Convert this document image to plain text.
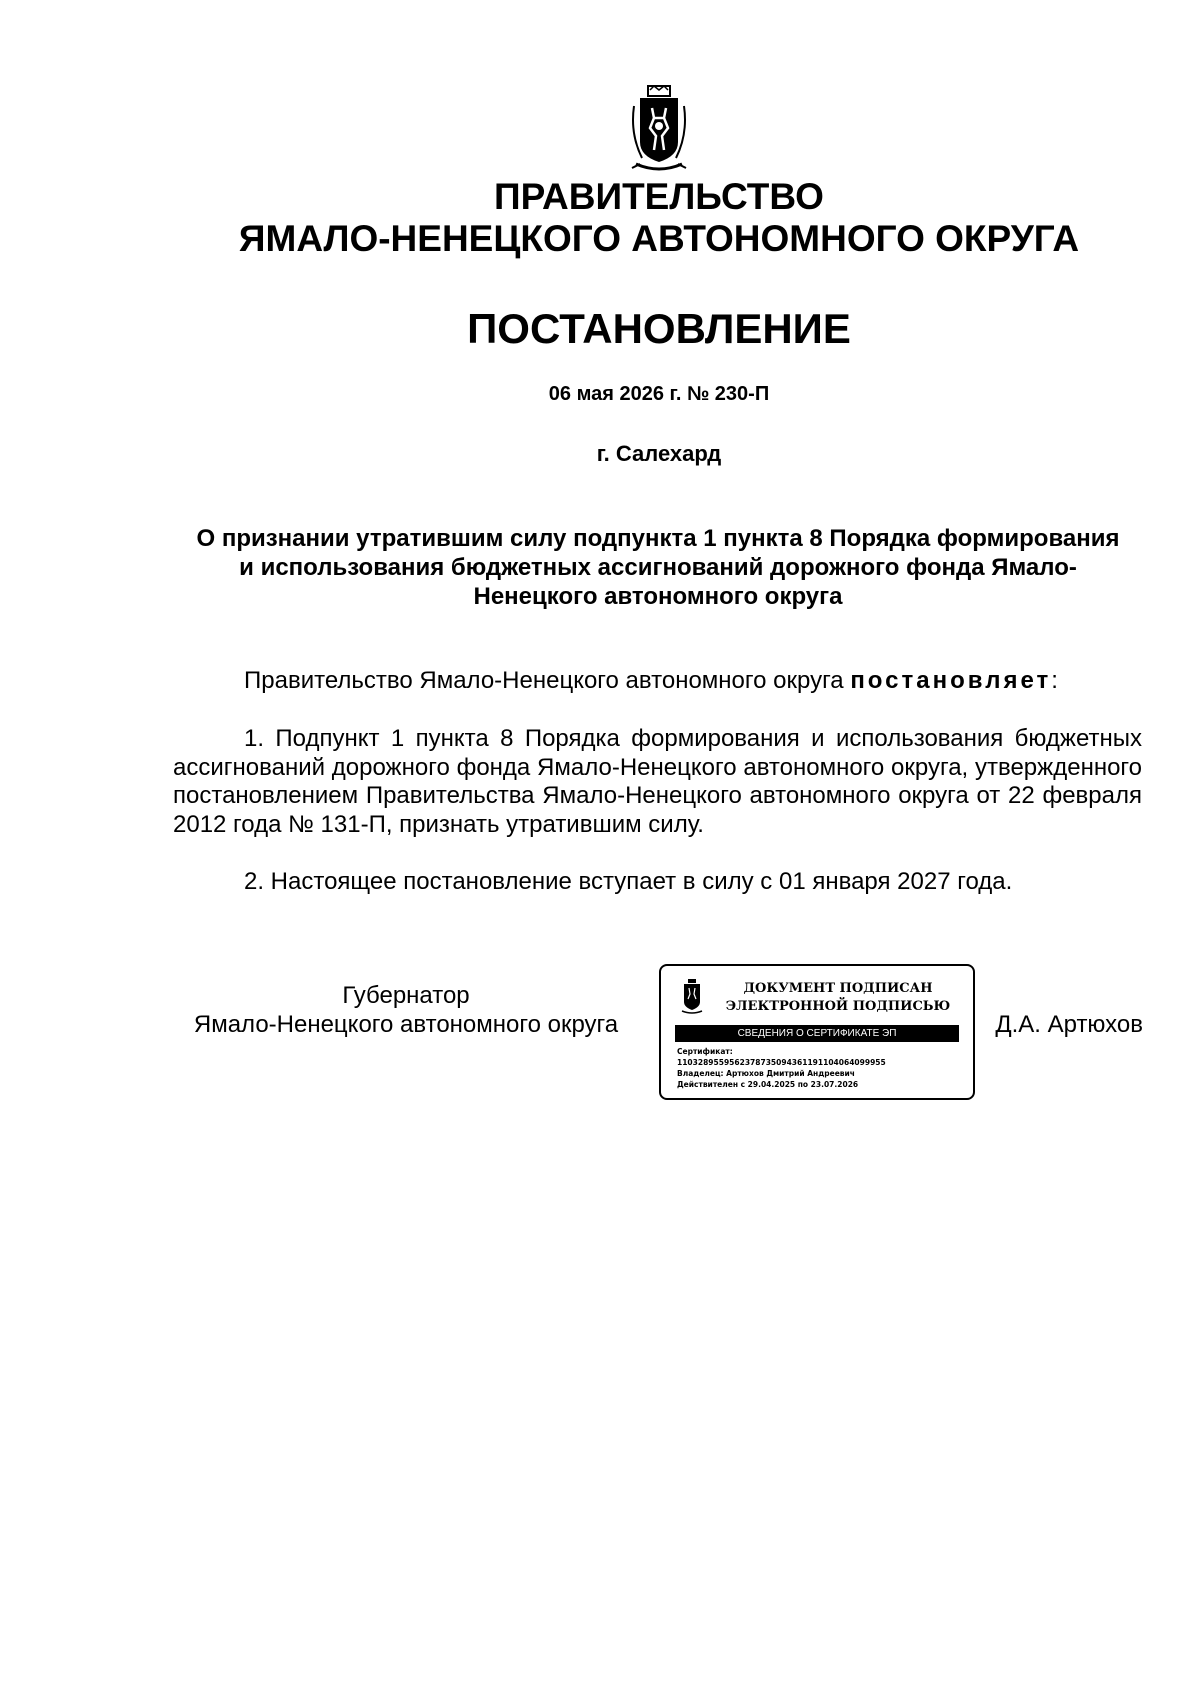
ПРАВИТЕЛЬСТВО
ЯМАЛО-НЕНЕЦКОГО АВТОНОМНОГО ОКРУГА
ПОСТАНОВЛЕНИЕ
06 мая 2026 г. № 230-П
г. Салехард
О признании утратившим силу подпункта 1 пункта 8 Порядка формирования и использования бюджетных ассигнований дорожного фонда Ямало-Ненецкого автономного округа
Правительство Ямало-Ненецкого автономного округа постановляет:
1. Подпункт 1 пункта 8 Порядка формирования и использования бюджетных ассигнований дорожного фонда Ямало-Ненецкого автономного округа, утвержденного постановлением Правительства Ямало-Ненецкого автономного округа от 22 февраля 2012 года № 131-П, признать утратившим силу.
2. Настоящее постановление вступает в силу с 01 января 2027 года.
Губернатор
Ямало-Ненецкого автономного округа
ДОКУМЕНТ ПОДПИСАН
ЭЛЕКТРОННОЙ ПОДПИСЬЮ
СВЕДЕНИЯ О СЕРТИФИКАТЕ ЭП
Сертификат:
1103289559562378735094361191104064099955
Владелец: Артюхов Дмитрий Андреевич
Действителен с 29.04.2025 по 23.07.2026
Д.А. Артюхов
